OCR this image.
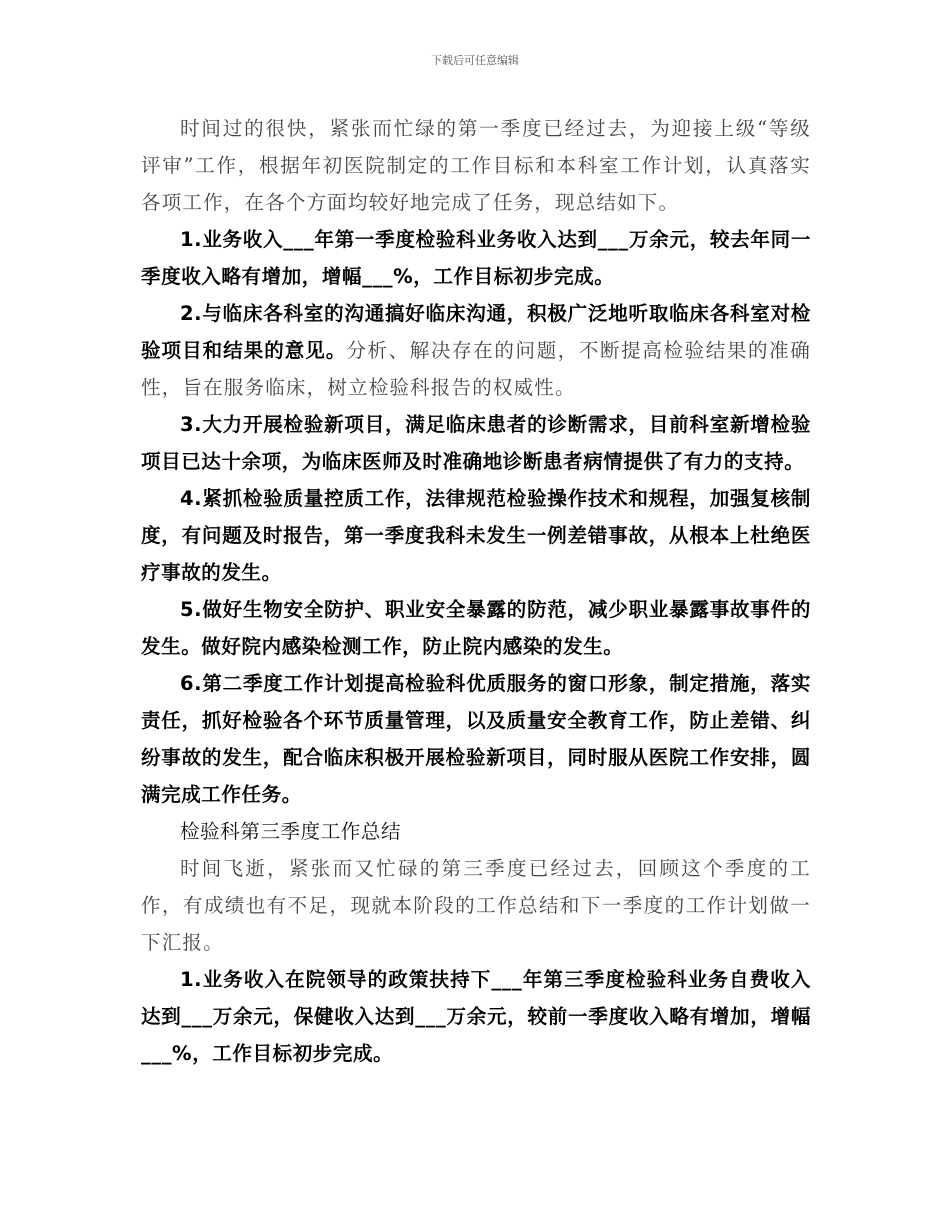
下载后可任意编辑

时间过的很快，紧张而忙绿的第一季度已经过去，为迎接上级“等级评审”工作，根据年初医院制定的工作目标和本科室工作计划，认真落实各项工作，在各个方面均较好地完成了任务，现总结如下。

1.业务收入___年第一季度检验科业务收入达到___万余元，较去年同一季度收入略有增加，增幅___%，工作目标初步完成。

2.与临床各科室的沟通搞好临床沟通，积极广泛地听取临床各科室对检验项目和结果的意见。分析、解决存在的问题，不断提高检验结果的准确性，旨在服务临床，树立检验科报告的权威性。

3.大力开展检验新项目，满足临床患者的诊断需求，目前科室新增检验项目已达十余项，为临床医师及时准确地诊断患者病情提供了有力的支持。

4.紧抓检验质量控质工作，法律规范检验操作技术和规程，加强复核制度，有问题及时报告，第一季度我科未发生一例差错事故，从根本上杜绝医疗事故的发生。

5.做好生物安全防护、职业安全暴露的防范，减少职业暴露事故事件的发生。做好院内感染检测工作，防止院内感染的发生。

6.第二季度工作计划提高检验科优质服务的窗口形象，制定措施，落实责任，抓好检验各个环节质量管理，以及质量安全教育工作，防止差错、纠纷事故的发生，配合临床积极开展检验新项目，同时服从医院工作安排，圆满完成工作任务。

检验科第三季度工作总结

时间飞逝，紧张而又忙碌的第三季度已经过去，回顾这个季度的工作，有成绩也有不足，现就本阶段的工作总结和下一季度的工作计划做一下汇报。

1.业务收入在院领导的政策扶持下___年第三季度检验科业务自费收入达到___万余元，保健收入达到___万余元，较前一季度收入略有增加，增幅___%，工作目标初步完成。
